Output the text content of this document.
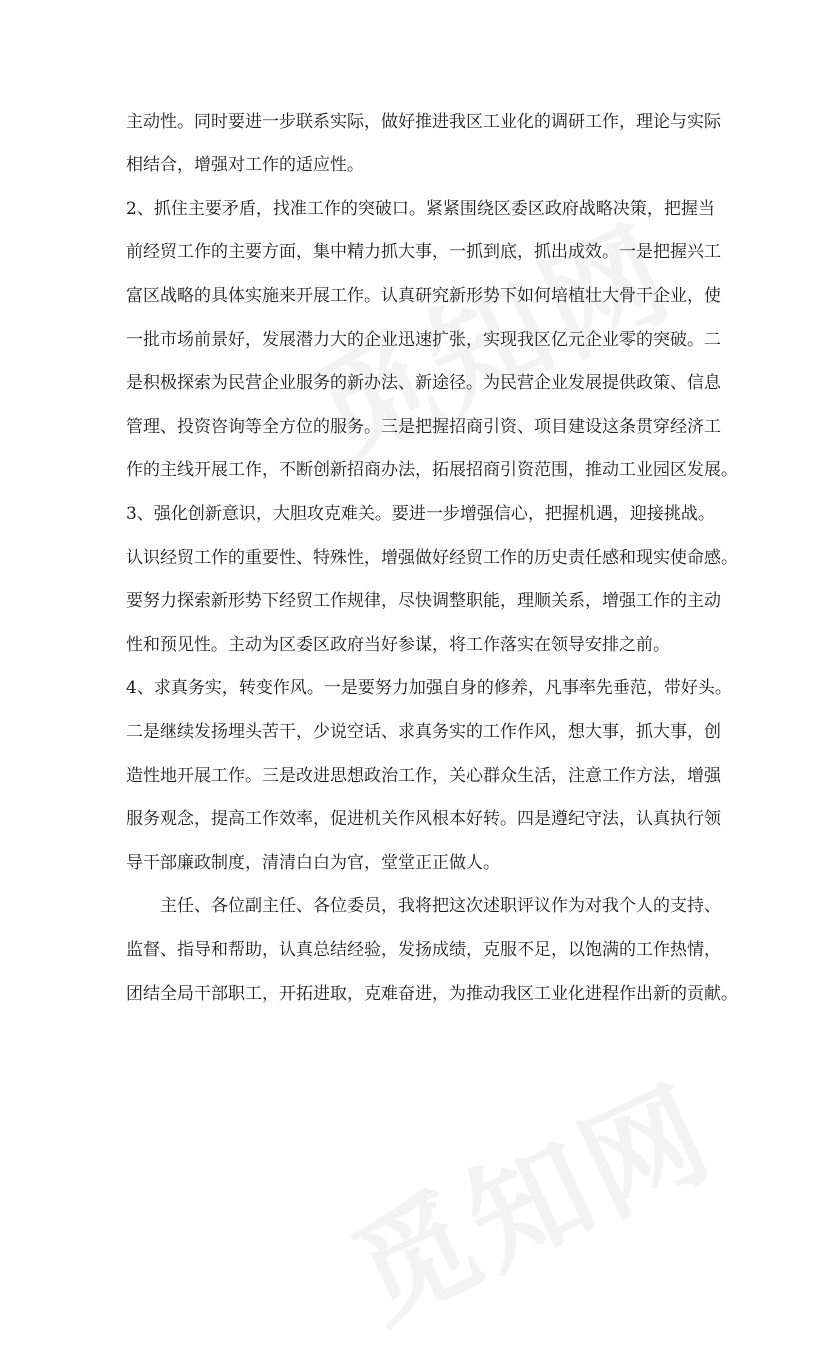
主动性。同时要进一步联系实际，做好推进我区工业化的调研工作，理论与实际
相结合，增强对工作的适应性。
2、抓住主要矛盾，找准工作的突破口。紧紧围绕区委区政府战略决策，把握当
前经贸工作的主要方面，集中精力抓大事，一抓到底，抓出成效。一是把握兴工
富区战略的具体实施来开展工作。认真研究新形势下如何培植壮大骨干企业，使
一批市场前景好，发展潜力大的企业迅速扩张，实现我区亿元企业零的突破。二
是积极探索为民营企业服务的新办法、新途径。为民营企业发展提供政策、信息
管理、投资咨询等全方位的服务。三是把握招商引资、项目建设这条贯穿经济工
作的主线开展工作，不断创新招商办法，拓展招商引资范围，推动工业园区发展。
3、强化创新意识，大胆攻克难关。要进一步增强信心，把握机遇，迎接挑战。
认识经贸工作的重要性、特殊性，增强做好经贸工作的历史责任感和现实使命感。
要努力探索新形势下经贸工作规律，尽快调整职能，理顺关系，增强工作的主动
性和预见性。主动为区委区政府当好参谋，将工作落实在领导安排之前。
4、求真务实，转变作风。一是要努力加强自身的修养，凡事率先垂范，带好头。
二是继续发扬埋头苦干，少说空话、求真务实的工作作风，想大事，抓大事，创
造性地开展工作。三是改进思想政治工作，关心群众生活，注意工作方法，增强
服务观念，提高工作效率，促进机关作风根本好转。四是遵纪守法，认真执行领
导干部廉政制度，清清白白为官，堂堂正正做人。
主任、各位副主任、各位委员，我将把这次述职评议作为对我个人的支持、
监督、指导和帮助，认真总结经验，发扬成绩，克服不足，以饱满的工作热情，
团结全局干部职工，开拓进取，克难奋进，为推动我区工业化进程作出新的贡献。
